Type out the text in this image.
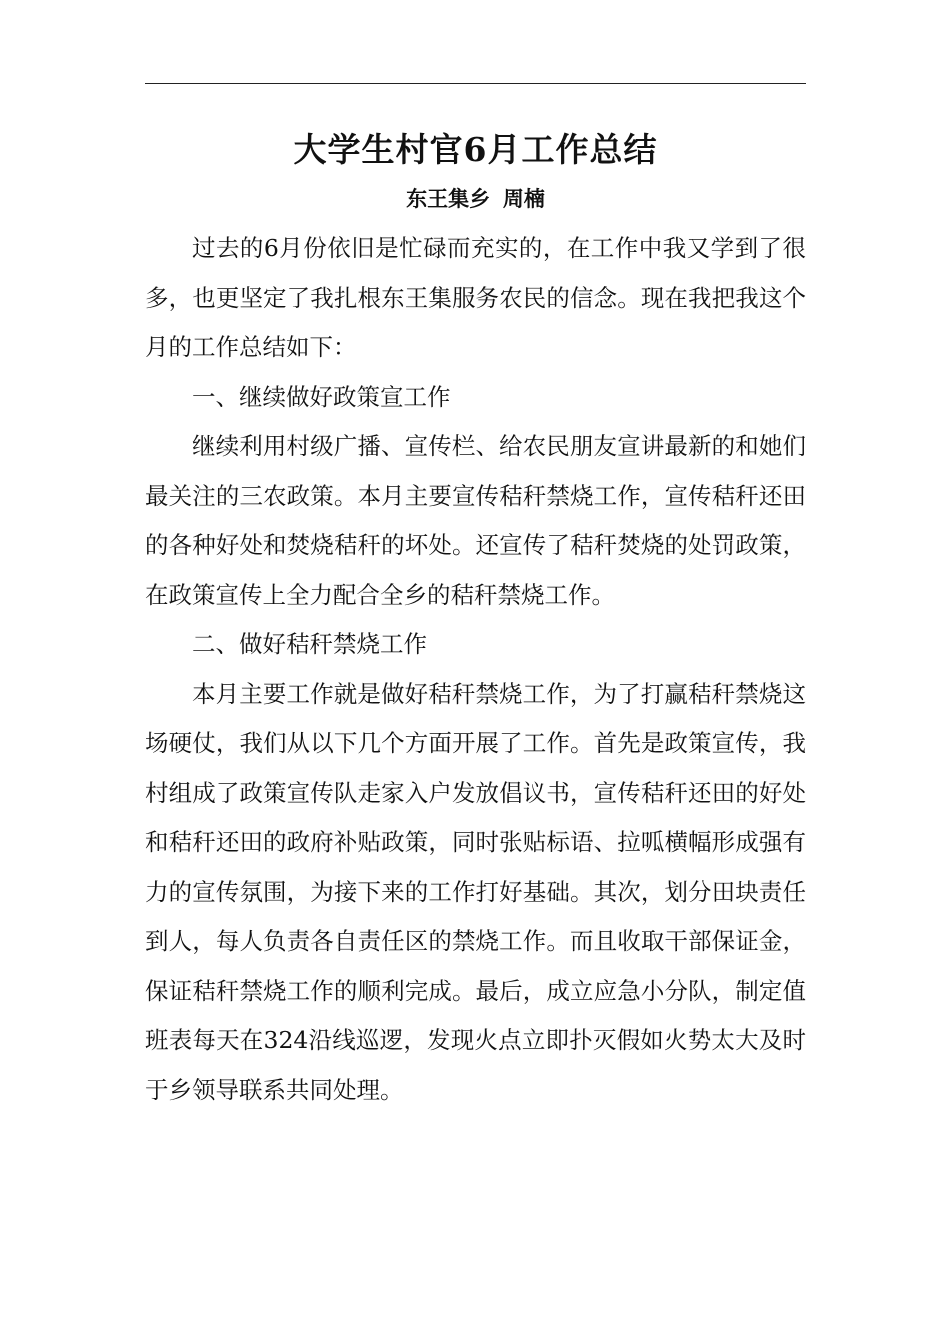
大学生村官6月工作总结
东王集乡 周楠

过去的6月份依旧是忙碌而充实的，在工作中我又学到了很多，也更坚定了我扎根东王集服务农民的信念。现在我把我这个月的工作总结如下：

一、继续做好政策宣工作

继续利用村级广播、宣传栏、给农民朋友宣讲最新的和她们最关注的三农政策。本月主要宣传秸秆禁烧工作，宣传秸秆还田的各种好处和焚烧秸秆的坏处。还宣传了秸秆焚烧的处罚政策，在政策宣传上全力配合全乡的秸秆禁烧工作。

二、做好秸秆禁烧工作

本月主要工作就是做好秸秆禁烧工作，为了打赢秸秆禁烧这场硬仗，我们从以下几个方面开展了工作。首先是政策宣传，我村组成了政策宣传队走家入户发放倡议书，宣传秸秆还田的好处和秸秆还田的政府补贴政策，同时张贴标语、拉呱横幅形成强有力的宣传氛围，为接下来的工作打好基础。其次，划分田块责任到人，每人负责各自责任区的禁烧工作。而且收取干部保证金，保证秸秆禁烧工作的顺利完成。最后，成立应急小分队，制定值班表每天在324沿线巡逻，发现火点立即扑灭假如火势太大及时于乡领导联系共同处理。
